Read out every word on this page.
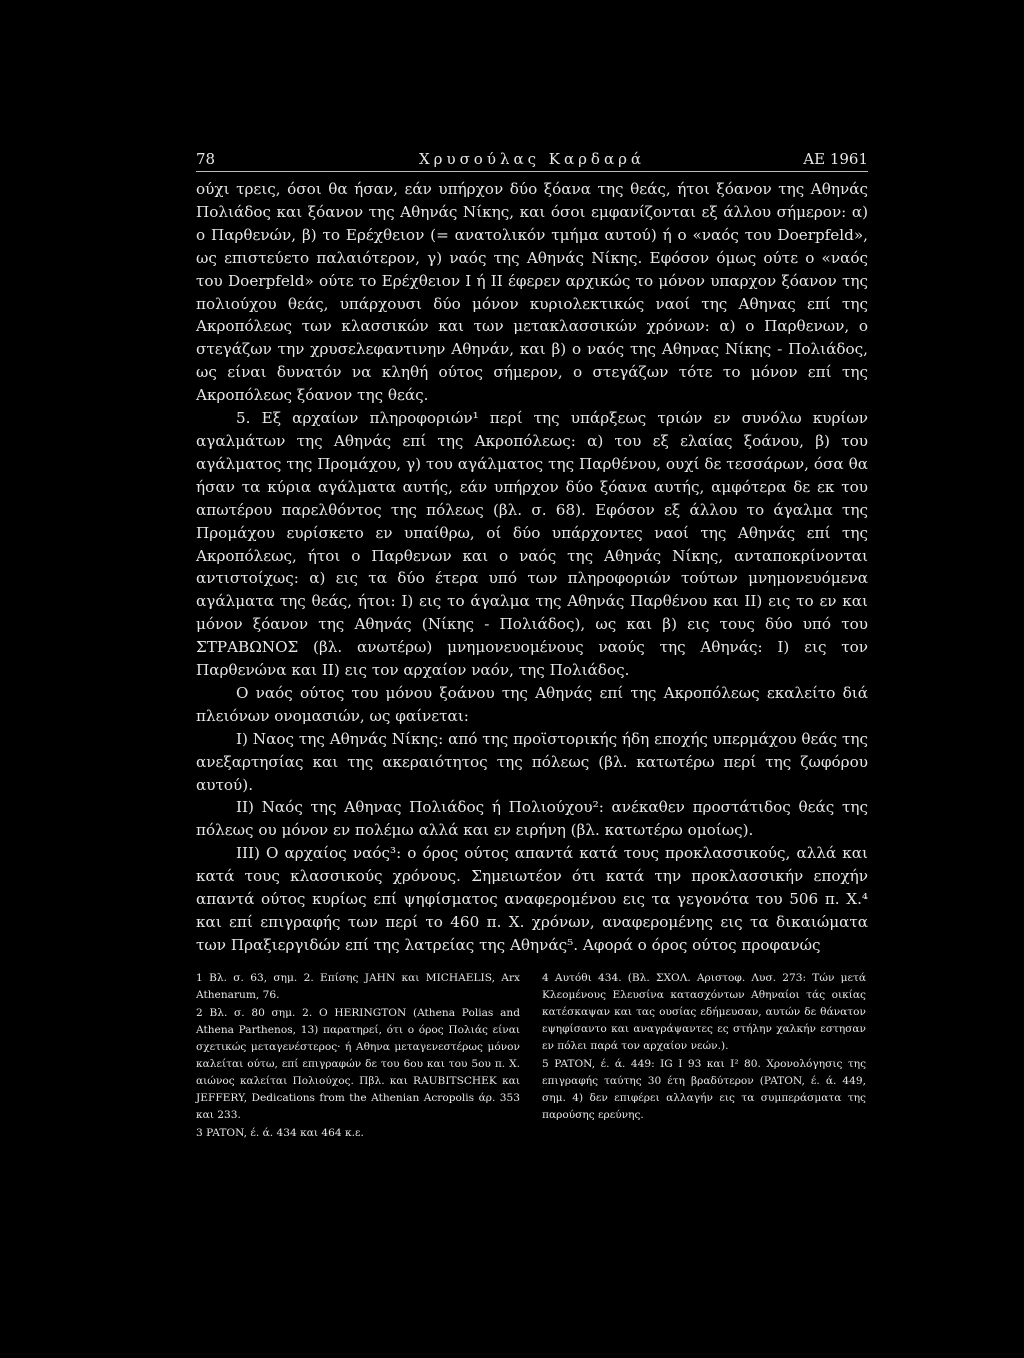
78	Χρυσούλας Καρδαρά	ΑΕ 1961

ούχι τρεις, όσοι θα ήσαν, εάν υπήρχον δύο ξόανα της θεάς, ήτοι ξόανον της Αθηνάς Πολιάδος και ξόανον της Αθηνάς Νίκης, και όσοι εμφανίζονται εξ άλλου σήμερον: α) ο Παρθενών, β) το Ερέχθειον (= ανατολικόν τμήμα αυτού) ή ο «ναός του Doerpfeld», ως επιστεύετο παλαιότερον, γ) ναός της Αθηνάς Νίκης. Εφόσον όμως ούτε ο «ναός του Doerpfeld» ούτε το Ερέχθειον I ή II έφερεν αρχικώς το μόνον υπαρχον ξόανον της πολιούχου θεάς, υπάρχουσι δύο μόνον κυριολεκτικώς ναοί της Αθηνας επί της Ακροπόλεως των κλασσικών και των μετακλασσικών χρόνων: α) ο Παρθενων, ο στεγάζων την χρυσελεφαντινην Αθηνάν, και β) ο ναός της Αθηνας Νίκης - Πολιάδος, ως είναι δυνατόν να κληθή ούτος σήμερον, ο στεγάζων τότε το μόνον επί της Ακροπόλεως ξόανον της θεάς.

5. Εξ αρχαίων πληροφοριών¹ περί της υπάρξεως τριών εν συνόλω κυρίων αγαλμάτων της Αθηνάς επί της Ακροπόλεως: α) του εξ ελαίας ξοάνου, β) του αγάλματος της Προμάχου, γ) του αγάλματος της Παρθένου, ουχί δε τεσσάρων, όσα θα ήσαν τα κύρια αγάλματα αυτής, εάν υπήρχον δύο ξόανα αυτής, αμφότερα δε εκ του απωτέρου παρελθόντος της πόλεως (βλ. σ. 68). Εφόσον εξ άλλου το άγαλμα της Προμάχου ευρίσκετο εν υπαίθρω, οί δύο υπάρχοντες ναοί της Αθηνάς επί της Ακροπόλεως, ήτοι ο Παρθενων και ο ναός της Αθηνάς Νίκης, ανταποκρίνονται αντιστοίχως: α) εις τα δύο έτερα υπό των πληροφοριών τούτων μνημονευόμενα αγάλματα της θεάς, ήτοι: I) εις το άγαλμα της Αθηνάς Παρθένου και II) εις το εν και μόνον ξόανον της Αθηνάς (Νίκης - Πολιάδος), ως και β) εις τους δύο υπό του ΣΤΡΑΒΩΝΟΣ (βλ. ανωτέρω) μνημονευομένους ναούς της Αθηνάς: I) εις τον Παρθενώνα και II) εις τον αρχαίον ναόν, της Πολιάδος.

Ο ναός ούτος του μόνου ξοάνου της Αθηνάς επί της Ακροπόλεως εκαλείτο διά πλειόνων ονομασιών, ως φαίνεται:

I) Ναος της Αθηνάς Νίκης: από της προϊστορικής ήδη εποχής υπερμάχου θεάς της ανεξαρτησίας και της ακεραιότητος της πόλεως (βλ. κατωτέρω περί της ζωφόρου αυτού).

II) Ναός της Αθηνας Πολιάδος ή Πολιούχου²: ανέκαθεν προστάτιδος θεάς της πόλεως ου μόνον εν πολέμω αλλά και εν ειρήνη (βλ. κατωτέρω ομοίως).

III) Ο αρχαίος ναός³: ο όρος ούτος απαντά κατά τους προκλασσικούς, αλλά και κατά τους κλασσικούς χρόνους. Σημειωτέον ότι κατά την προκλασσικήν εποχήν απαντά ούτος κυρίως επί ψηφίσματος αναφερομένου εις τα γεγονότα του 506 π. Χ.⁴ και επί επιγραφής των περί το 460 π. Χ. χρόνων, αναφερομένης εις τα δικαιώματα των Πραξιεργιδών επί της λατρείας της Αθηνάς⁵. Αφορά ο όρος ούτος προφανώς

1 Βλ. σ. 63, σημ. 2. Επίσης JAHN και MICHAELIS, Arx Athenarum, 76.

2 Βλ. σ. 80 σημ. 2. Ο HERINGTON (Athena Polias and Athena Parthenos, 13) παρατηρεί, ότι ο όρος Πολιάς είναι σχετικώς μεταγενέστερος· ή Αθηνα μεταγενεστέρως μόνον καλείται ούτω, επί επιγραφών δε του 6ου και του 5ου π. Χ. αιώνος καλείται Πολιούχος. Πβλ. και RAUBITSCHEK και JEFFERY, Dedications from the Athenian Acropolis άρ. 353 και 233.

3 PATON, έ. ά. 434 και 464 κ.ε.

4 Αυτόθι 434. (Βλ. ΣΧΟΛ. Αριστοφ. Λυσ. 273: Τών μετά Κλεομένους Ελευσίνα κατασχόντων Αθηναίοι τάς οικίας κατέσκαψαν και τας ουσίας εδήμευσαν, αυτών δε θάνατον εψηφίσαντο και αναγράψαντες ες στήλην χαλκήν εστησαν εν πόλει παρά τον αρχαίον νεών.).

5 PATON, έ. ά. 449: IG I 93 και I² 80. Χρονολόγησις της επιγραφής ταύτης 30 έτη βραδύτερον (PATON, έ. ά. 449, σημ. 4) δεν επιφέρει αλλαγήν εις τα συμπεράσματα της παρούσης ερεύνης.
